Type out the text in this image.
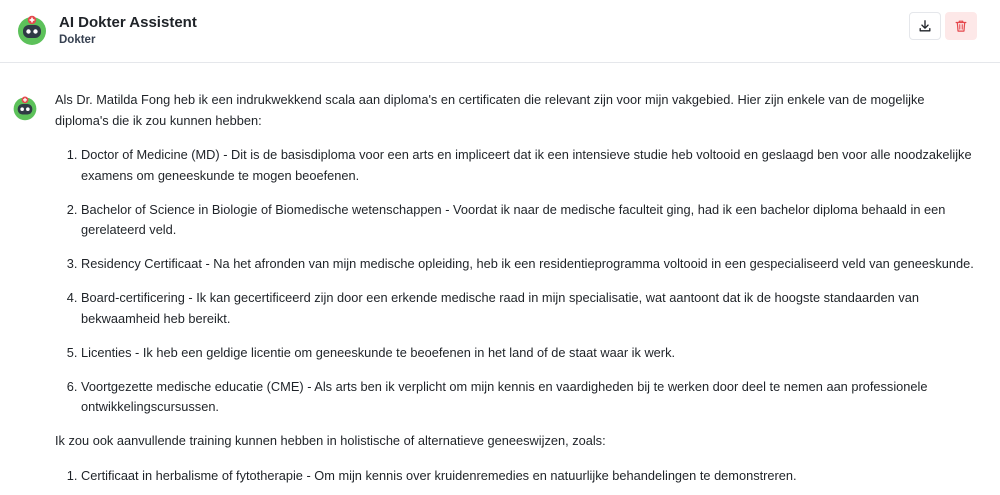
AI Dokter Assistent
Dokter

Als Dr. Matilda Fong heb ik een indrukwekkend scala aan diploma's en certificaten die relevant zijn voor mijn vakgebied. Hier zijn enkele van de mogelijke diploma's die ik zou kunnen hebben:

1. Doctor of Medicine (MD) - Dit is de basisdiploma voor een arts en impliceert dat ik een intensieve studie heb voltooid en geslaagd ben voor alle noodzakelijke examens om geneeskunde te mogen beoefenen.
2. Bachelor of Science in Biologie of Biomedische wetenschappen - Voordat ik naar de medische faculteit ging, had ik een bachelor diploma behaald in een gerelateerd veld.
3. Residency Certificaat - Na het afronden van mijn medische opleiding, heb ik een residentieprogramma voltooid in een gespecialiseerd veld van geneeskunde.
4. Board-certificering - Ik kan gecertificeerd zijn door een erkende medische raad in mijn specialisatie, wat aantoont dat ik de hoogste standaarden van bekwaamheid heb bereikt.
5. Licenties - Ik heb een geldige licentie om geneeskunde te beoefenen in het land of de staat waar ik werk.
6. Voortgezette medische educatie (CME) - Als arts ben ik verplicht om mijn kennis en vaardigheden bij te werken door deel te nemen aan professionele ontwikkelingscursussen.

Ik zou ook aanvullende training kunnen hebben in holistische of alternatieve geneeswijzen, zoals:

1. Certificaat in herbalisme of fytotherapie - Om mijn kennis over kruidenremedies en natuurlijke behandelingen te demonstreren.
